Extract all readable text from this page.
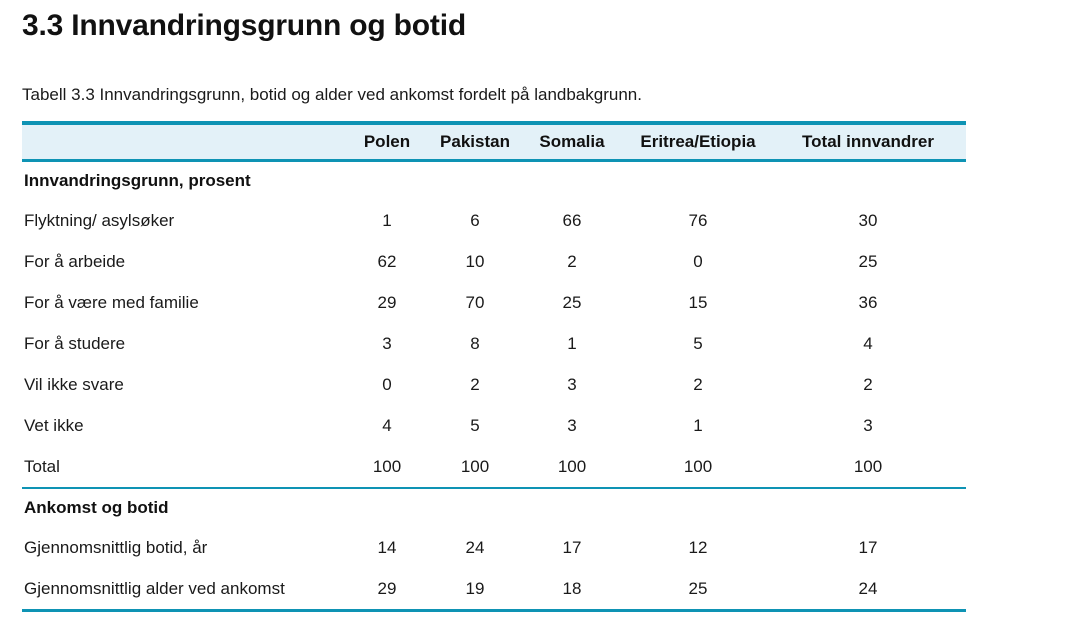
3.3 Innvandringsgrunn og botid

Tabell 3.3 Innvandringsgrunn, botid og alder ved ankomst fordelt på landbakgrunn.

	Polen	Pakistan	Somalia	Eritrea/Etiopia	Total innvandrer
Innvandringsgrunn, prosent					
Flyktning/ asylsøker	1	6	66	76	30
For å arbeide	62	10	2	0	25
For å være med familie	29	70	25	15	36
For å studere	3	8	1	5	4
Vil ikke svare	0	2	3	2	2
Vet ikke	4	5	3	1	3
Total	100	100	100	100	100
Ankomst og botid					
Gjennomsnittlig botid, år	14	24	17	12	17
Gjennomsnittlig alder ved ankomst	29	19	18	25	24
